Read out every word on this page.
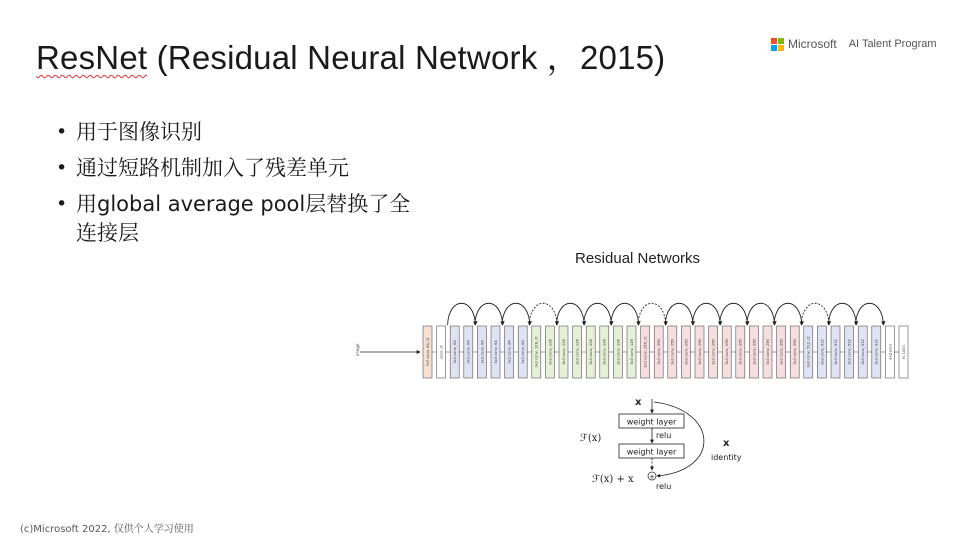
ResNet (Residual Neural Network ，2015)	Microsoft AI Talent Program
• 用于图像识别
• 通过短路机制加入了残差单元
• 用global average pool层替换了全连接层
Residual Networks
image	7x7 conv, 64, /2	pool, /2	3x3 conv, 64	3x3 conv, 64	3x3 conv, 64	3x3 conv, 64	3x3 conv, 64	3x3 conv, 64	3x3 conv, 128, /2	3x3 conv, 128	3x3 conv, 128	3x3 conv, 128	3x3 conv, 128	3x3 conv, 128	3x3 conv, 128	3x3 conv, 128	3x3 conv, 256, /2	3x3 conv, 256	3x3 conv, 256	3x3 conv, 256	3x3 conv, 256	3x3 conv, 256	3x3 conv, 256	3x3 conv, 256	3x3 conv, 256	3x3 conv, 256	3x3 conv, 256	3x3 conv, 256	3x3 conv, 512, /2	3x3 conv, 512	3x3 conv, 512	3x3 conv, 512	3x3 conv, 512	3x3 conv, 512	avg pool	fc 1000
x
weight layer
relu
weight layer
ℱ(x)
+
ℱ(x) + x
relu
x
identity
(c)Microsoft 2022, 仅供个人学习使用
